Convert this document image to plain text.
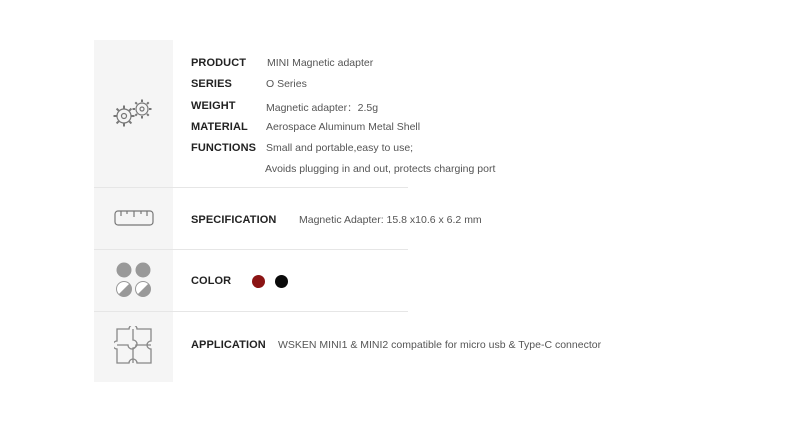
PRODUCT MINI Magnetic adapter
SERIES	O Series
WEIGHT	Magnetic adapter：2.5g
MATERIAL Aerospace Aluminum Metal Shell
FUNCTIONS Small and portable,easy to use;
Avoids plugging in and out, protects charging port
SPECIFICATION Magnetic Adapter: 15.8 x10.6 x 6.2 mm
COLOR
APPLICATION WSKEN MINI1 & MINI2 compatible for micro usb & Type-C connector
